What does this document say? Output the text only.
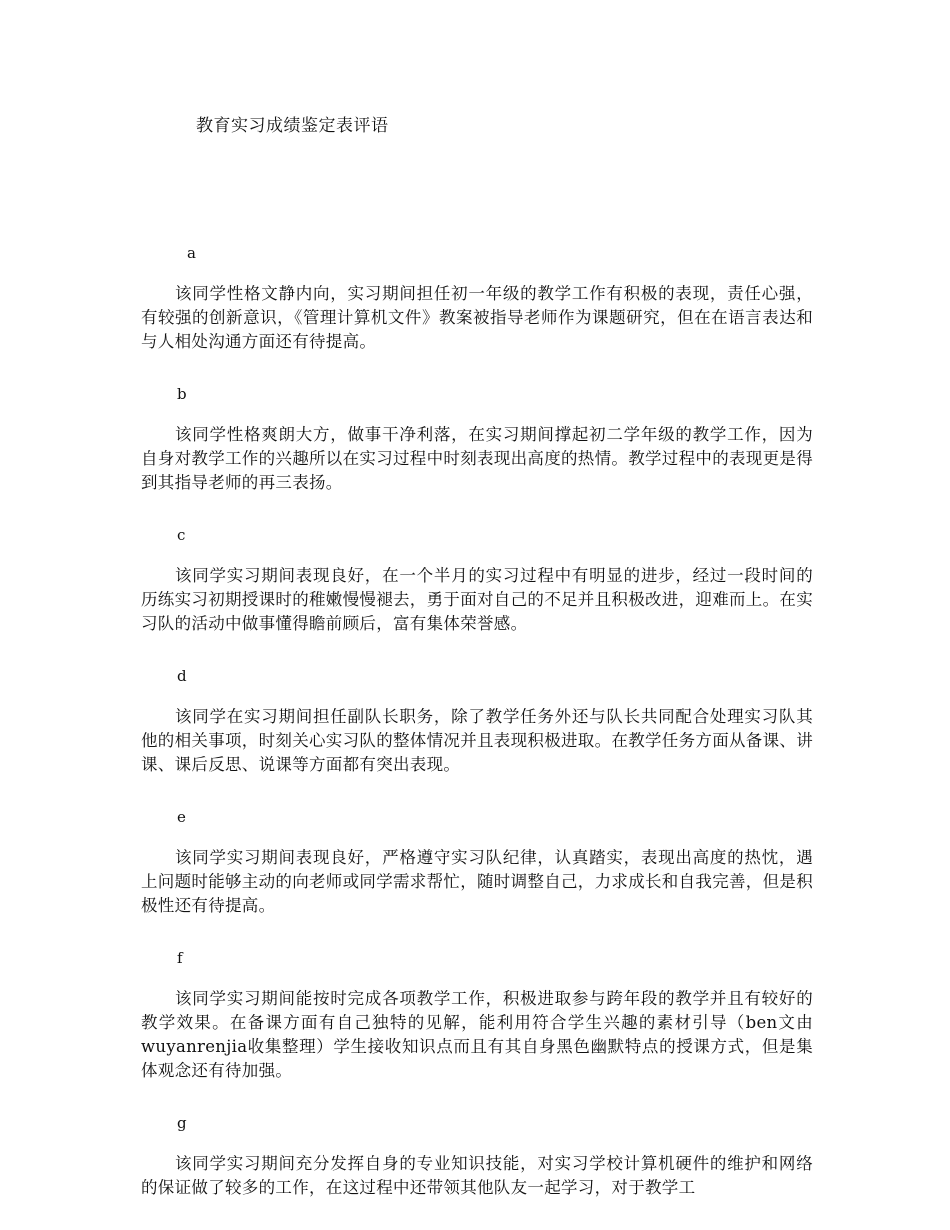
教育实习成绩鉴定表评语
a
该同学性格文静内向，实习期间担任初一年级的教学工作有积极的表现，责任心强，有较强的创新意识，《管理计算机文件》教案被指导老师作为课题研究，但在在语言表达和与人相处沟通方面还有待提高。
b
该同学性格爽朗大方，做事干净利落，在实习期间撑起初二学年级的教学工作，因为自身对教学工作的兴趣所以在实习过程中时刻表现出高度的热情。教学过程中的表现更是得到其指导老师的再三表扬。
c
该同学实习期间表现良好，在一个半月的实习过程中有明显的进步，经过一段时间的历练实习初期授课时的稚嫩慢慢褪去，勇于面对自己的不足并且积极改进，迎难而上。在实习队的活动中做事懂得瞻前顾后，富有集体荣誉感。
d
该同学在实习期间担任副队长职务，除了教学任务外还与队长共同配合处理实习队其他的相关事项，时刻关心实习队的整体情况并且表现积极进取。在教学任务方面从备课、讲课、课后反思、说课等方面都有突出表现。
e
该同学实习期间表现良好，严格遵守实习队纪律，认真踏实，表现出高度的热忱，遇上问题时能够主动的向老师或同学需求帮忙，随时调整自己，力求成长和自我完善，但是积极性还有待提高。
f
该同学实习期间能按时完成各项教学工作，积极进取参与跨年段的教学并且有较好的教学效果。在备课方面有自己独特的见解，能利用符合学生兴趣的素材引导（ben文由wuyanrenjia收集整理）学生接收知识点而且有其自身黑色幽默特点的授课方式，但是集体观念还有待加强。
g
该同学实习期间充分发挥自身的专业知识技能，对实习学校计算机硬件的维护和网络的保证做了较多的工作，在这过程中还带领其他队友一起学习，对于教学工
